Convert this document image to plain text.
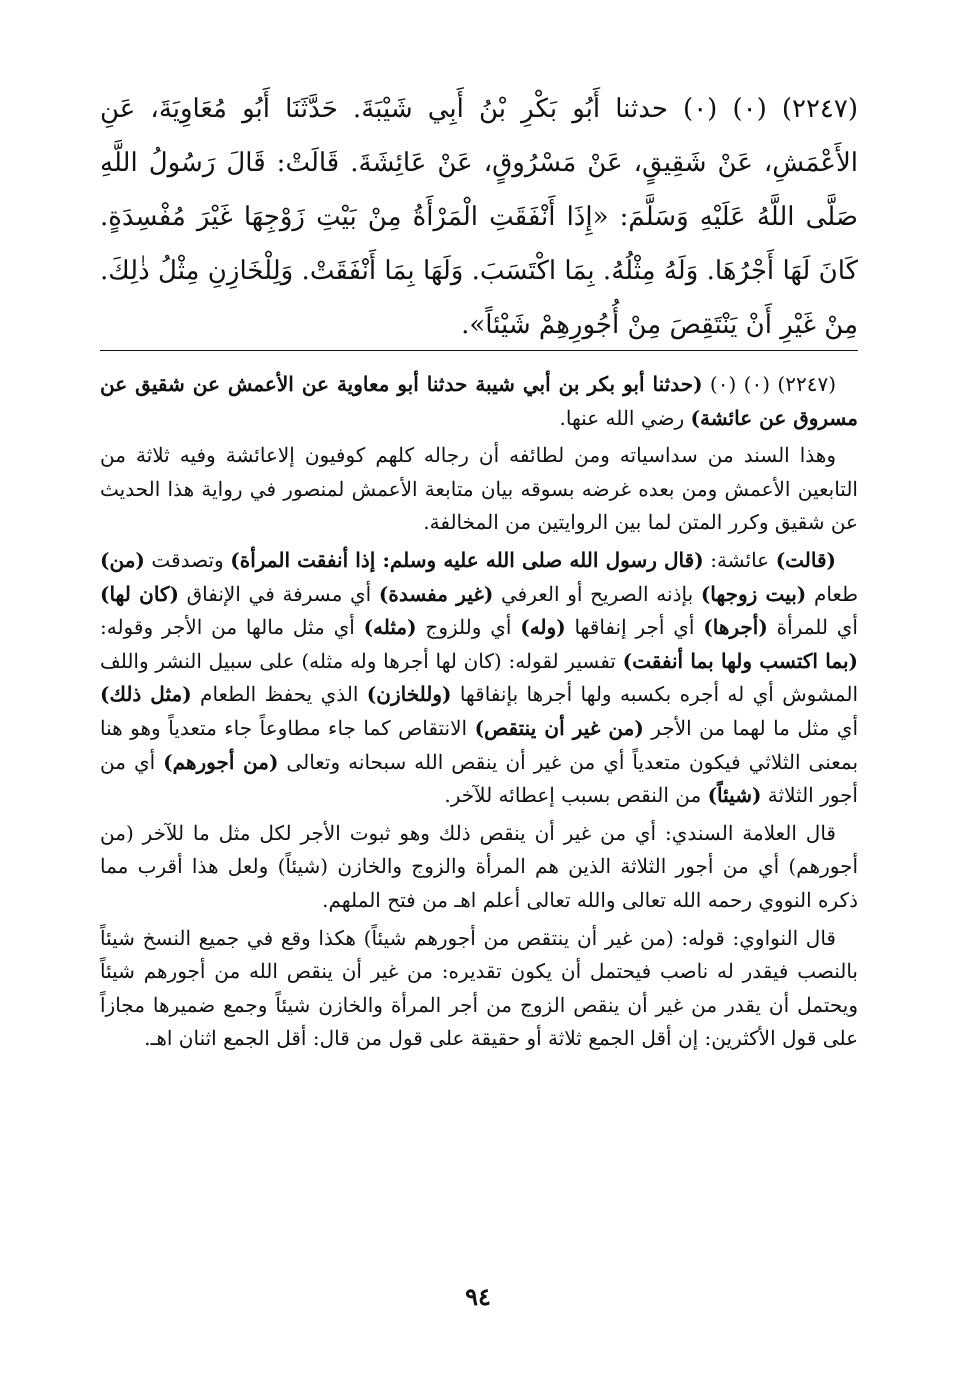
(٢٢٤٧) (٠) (٠) حدثنا أَبُو بَكْرِ بْنُ أَبِي شَيْبَةَ. حَدَّثَنَا أَبُو مُعَاوِيَةَ، عَنِ الأَعْمَشِ، عَنْ شَقِيقٍ، عَنْ مَسْرُوقٍ، عَنْ عَائِشَةَ. قَالَتْ: قَالَ رَسُولُ اللَّهِ صَلَّى اللَّهُ عَلَيْهِ وَسَلَّمَ: «إِذَا أَنْفَقَتِ الْمَرْأَةُ مِنْ بَيْتِ زَوْجِهَا غَيْرَ مُفْسِدَةٍ. كَانَ لَهَا أَجْرُهَا. وَلَهُ مِثْلُهُ. بِمَا اكْتَسَبَ. وَلَهَا بِمَا أَنْفَقَتْ. وَلِلْخَازِنِ مِثْلُ ذٰلِكَ. مِنْ غَيْرِ أَنْ يَنْتَقِصَ مِنْ أُجُورِهِمْ شَيْئاً».

(٢٢٤٧) (٠) (٠) (حدثنا أبو بكر بن أبي شيبة حدثنا أبو معاوية عن الأعمش عن شقيق عن مسروق عن عائشة) رضي الله عنها.

وهذا السند من سداسياته ومن لطائفه أن رجاله كلهم كوفيون إلاعائشة وفيه ثلاثة من التابعين الأعمش ومن بعده غرضه بسوقه بيان متابعة الأعمش لمنصور في رواية هذا الحديث عن شقيق وكرر المتن لما بين الروايتين من المخالفة.

(قالت) عائشة: (قال رسول الله صلى الله عليه وسلم: إذا أنفقت المرأة) وتصدقت (من) طعام (بيت زوجها) بإذنه الصريح أو العرفي (غير مفسدة) أي مسرفة في الإنفاق (كان لها) أي للمرأة (أجرها) أي أجر إنفاقها (وله) أي وللزوج (مثله) أي مثل مالها من الأجر وقوله: (بما اكتسب ولها بما أنفقت) تفسير لقوله: (كان لها أجرها وله مثله) على سبيل النشر واللف المشوش أي له أجره بكسبه ولها أجرها بإنفاقها (وللخازن) الذي يحفظ الطعام (مثل ذلك) أي مثل ما لهما من الأجر (من غير أن ينتقص) الانتقاص كما جاء مطاوعاً جاء متعدياً وهو هنا بمعنى الثلاثي فيكون متعدياً أي من غير أن ينقص الله سبحانه وتعالى (من أجورهم) أي من أجور الثلاثة (شيئاً) من النقص بسبب إعطائه للآخر.

قال العلامة السندي: أي من غير أن ينقص ذلك وهو ثبوت الأجر لكل مثل ما للآخر (من أجورهم) أي من أجور الثلاثة الذين هم المرأة والزوج والخازن (شيئاً) ولعل هذا أقرب مما ذكره النووي رحمه الله تعالى والله تعالى أعلم اهـ من فتح الملهم.

قال النواوي: قوله: (من غير أن ينتقص من أجورهم شيئاً) هكذا وقع في جميع النسخ شيئاً بالنصب فيقدر له ناصب فيحتمل أن يكون تقديره: من غير أن ينقص الله من أجورهم شيئاً ويحتمل أن يقدر من غير أن ينقص الزوج من أجر المرأة والخازن شيئاً وجمع ضميرها مجازاً على قول الأكثرين: إن أقل الجمع ثلاثة أو حقيقة على قول من قال: أقل الجمع اثنان اهـ.

٩٤
